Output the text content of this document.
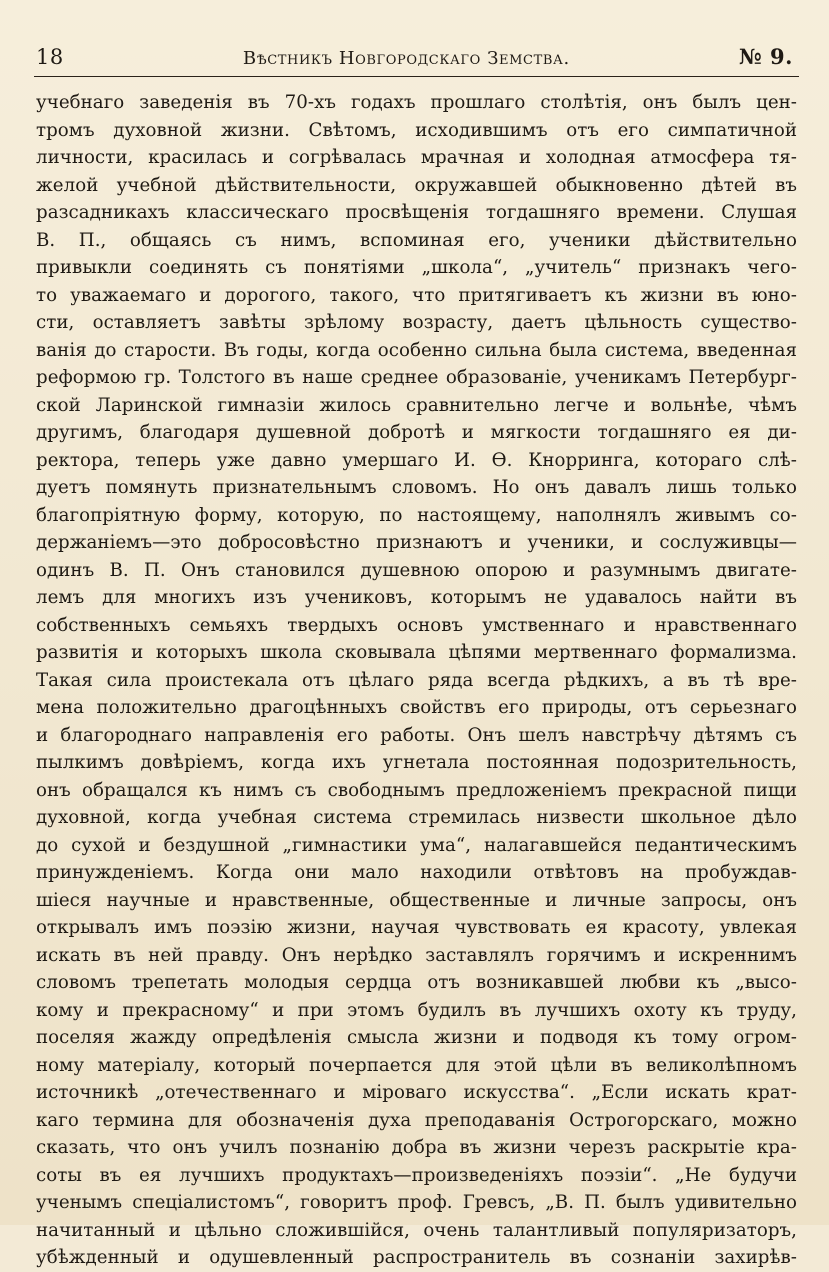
18	Вѣстникъ Новгородскаго Земства.	№ 9.
учебнаго заведенія въ 70-хъ годахъ прошлаго столѣтія, онъ былъ цен-
тромъ духовной жизни. Свѣтомъ, исходившимъ отъ его симпатичной
личности, красилась и согрѣвалась мрачная и холодная атмосфера тя-
желой учебной дѣйствительности, окружавшей обыкновенно дѣтей въ
разсадникахъ классическаго просвѣщенія тогдашняго времени. Слушая
В. П., общаясь съ нимъ, вспоминая его, ученики дѣйствительно
привыкли соединять съ понятіями „школа“, „учитель“ признакъ чего-
то уважаемаго и дорогого, такого, что притягиваетъ къ жизни въ юно-
сти, оставляетъ завѣты зрѣлому возрасту, даетъ цѣльность существо-
ванія до старости. Въ годы, когда особенно сильна была система, введенная
реформою гр. Толстого въ наше среднее образованіе, ученикамъ Петербург-
ской Ларинской гимназіи жилось сравнительно легче и вольнѣе, чѣмъ
другимъ, благодаря душевной добротѣ и мягкости тогдашняго ея ди-
ректора, теперь уже давно умершаго И. Ѳ. Кноррингa, котораго слѣ-
дуетъ помянуть признательнымъ словомъ. Но онъ давалъ лишь только
благопріятную форму, которую, по настоящему, наполнялъ живымъ со-
держаніемъ—это добросовѣстно признаютъ и ученики, и сослуживцы—
одинъ В. П. Онъ становился душевною опорою и разумнымъ двигате-
лемъ для многихъ изъ учениковъ, которымъ не удавалось найти въ
собственныхъ семьяхъ твердыхъ основъ умственнаго и нравственнаго
развитія и которыхъ школа сковывала цѣпями мертвеннаго формализма.
Такая сила проистекала отъ цѣлаго ряда всегда рѣдкихъ, а въ тѣ вре-
мена положительно драгоцѣнныхъ свойствъ его природы, отъ серьезнаго
и благороднаго направленія его работы. Онъ шелъ навстрѣчу дѣтямъ съ
пылкимъ довѣріемъ, когда ихъ угнетала постоянная подозрительность,
онъ обращался къ нимъ съ свободнымъ предложеніемъ прекрасной пищи
духовной, когда учебная система стремилась низвести школьное дѣло
до сухой и бездушной „гимнастики ума“, налагавшейся педантическимъ
принужденіемъ. Когда они мало находили отвѣтовъ на пробуждав-
шіеся научные и нравственные, общественные и личные запросы, онъ
открывалъ имъ поэзію жизни, научая чувствовать ея красоту, увлекая
искать въ ней правду. Онъ нерѣдко заставлялъ горячимъ и искреннимъ
словомъ трепетать молодыя сердца отъ возникавшей любви къ „высо-
кому и прекрасному“ и при этомъ будилъ въ лучшихъ охоту къ труду,
поселяя жажду опредѣленія смысла жизни и подводя къ тому огром-
ному матеріалу, который почерпается для этой цѣли въ великолѣпномъ
источникѣ „отечественнаго и міроваго искусства“. „Если искать крат-
каго термина для обозначенія духа преподаванія Острогорскаго, можно
сказать, что онъ училъ познанію добра въ жизни черезъ раскрытіе кра-
соты въ ея лучшихъ продуктахъ—произведеніяхъ поэзіи“. „Не будучи
ученымъ спеціалистомъ“, говоритъ проф. Гревсъ, „В. П. былъ удивительно
начитанный и цѣльно сложившійся, очень талантливый популяризаторъ,
убѣжденный и одушевленный распространитель въ сознаніи захирѣв-
